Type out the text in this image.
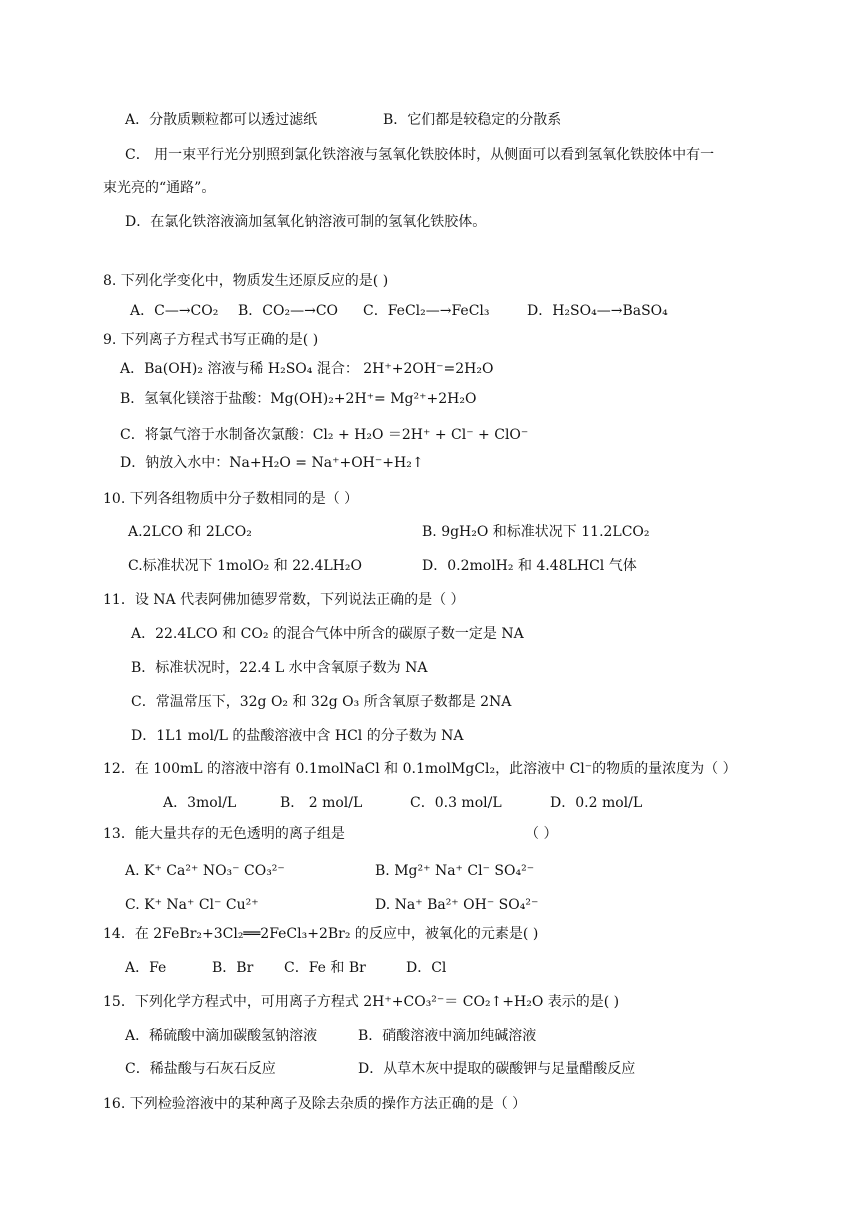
A．分散质颗粒都可以透过滤纸	B．它们都是较稳定的分散系
C． 用一束平行光分别照到氯化铁溶液与氢氧化铁胶体时，从侧面可以看到氢氧化铁胶体中有一
束光亮的“通路”。
D．在氯化铁溶液滴加氢氧化钠溶液可制的氢氧化铁胶体。
8. 下列化学变化中，物质发生还原反应的是( )
A．C—→CO₂ B．CO₂—→CO C．FeCl₂—→FeCl₃	D．H₂SO₄—→BaSO₄
9. 下列离子方程式书写正确的是( )
A．Ba(OH)₂ 溶液与稀 H₂SO₄ 混合： 2H⁺+2OH⁻=2H₂O
B．氢氧化镁溶于盐酸：Mg(OH)₂+2H⁺= Mg²⁺+2H₂O
C．将氯气溶于水制备次氯酸：Cl₂ + H₂O ＝2H⁺ + Cl⁻ + ClO⁻
D．钠放入水中：Na+H₂O = Na⁺+OH⁻+H₂↑
10. 下列各组物质中分子数相同的是（ ）
A.2LCO 和 2LCO₂	B. 9gH₂O 和标准状况下 11.2LCO₂
C.标准状况下 1molO₂ 和 22.4LH₂O	D．0.2molH₂ 和 4.48LHCl 气体
11．设 NA 代表阿佛加德罗常数，下列说法正确的是（ ）
A．22.4LCO 和 CO₂ 的混合气体中所含的碳原子数一定是 NA
B．标准状况时，22.4 L 水中含氧原子数为 NA
C．常温常压下，32g O₂ 和 32g O₃ 所含氧原子数都是 2NA
D．1L1 mol/L 的盐酸溶液中含 HCl 的分子数为 NA
12．在 100mL 的溶液中溶有 0.1molNaCl 和 0.1molMgCl₂，此溶液中 Cl⁻的物质的量浓度为（ ）
A．3mol/L	B． 2 mol/L	C．0.3 mol/L	D．0.2 mol/L
13．能大量共存的无色透明的离子组是	（ ）
A. K⁺ Ca²⁺ NO₃⁻ CO₃²⁻	B. Mg²⁺ Na⁺ Cl⁻ SO₄²⁻
C. K⁺ Na⁺ Cl⁻ Cu²⁺	D. Na⁺ Ba²⁺ OH⁻ SO₄²⁻
14．在 2FeBr₂+3Cl₂══2FeCl₃+2Br₂ 的反应中，被氧化的元素是( )
A．Fe	B．Br C．Fe 和 Br	D．Cl
15．下列化学方程式中，可用离子方程式 2H⁺+CO₃²⁻＝ CO₂↑+H₂O 表示的是( )
A．稀硫酸中滴加碳酸氢钠溶液	B．硝酸溶液中滴加纯碱溶液
C．稀盐酸与石灰石反应	D．从草木灰中提取的碳酸钾与足量醋酸反应
16. 下列检验溶液中的某种离子及除去杂质的操作方法正确的是（ ）
